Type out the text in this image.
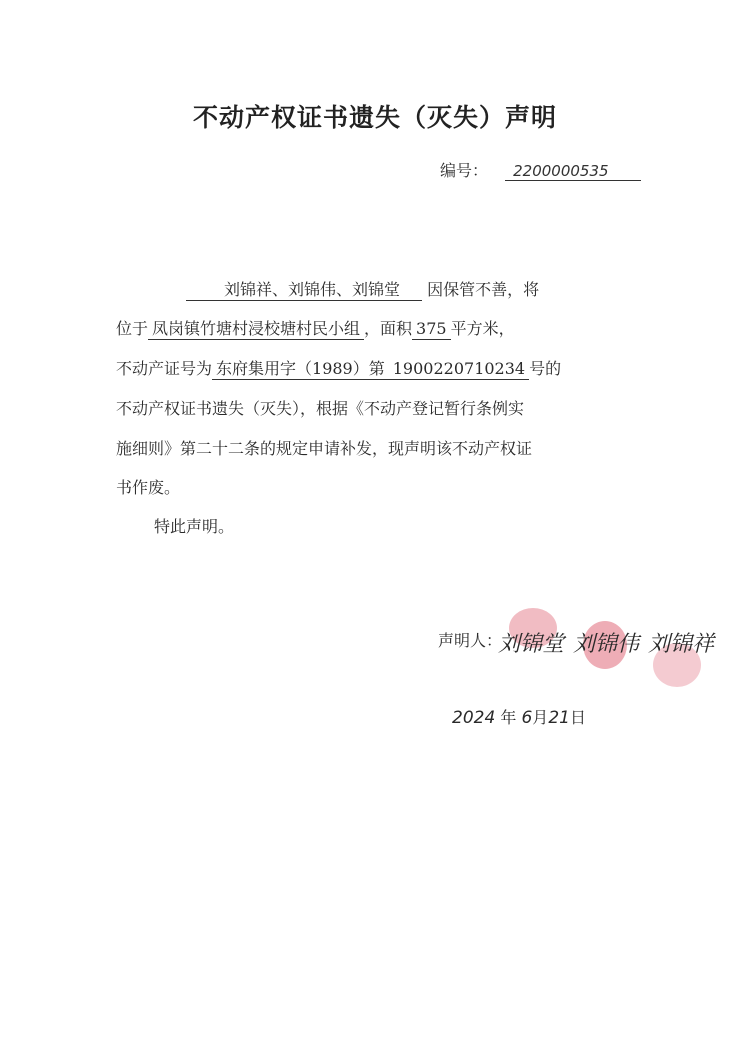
不动产权证书遗失（灭失）声明
编号： 2200000535
刘锦祥、刘锦伟、刘锦堂 因保管不善，将
位于 凤岗镇竹塘村浸校塘村民小组 ，面积 375 平方米，
不动产证号为 东府集用字（1989）第 1900220710234 号的
不动产权证书遗失（灭失），根据《不动产登记暂行条例实
施细则》第二十二条的规定申请补发，现声明该不动产权证
书作废。
特此声明。
声明人：
刘锦堂 刘锦伟 刘锦祥
2024 年 6月21日
